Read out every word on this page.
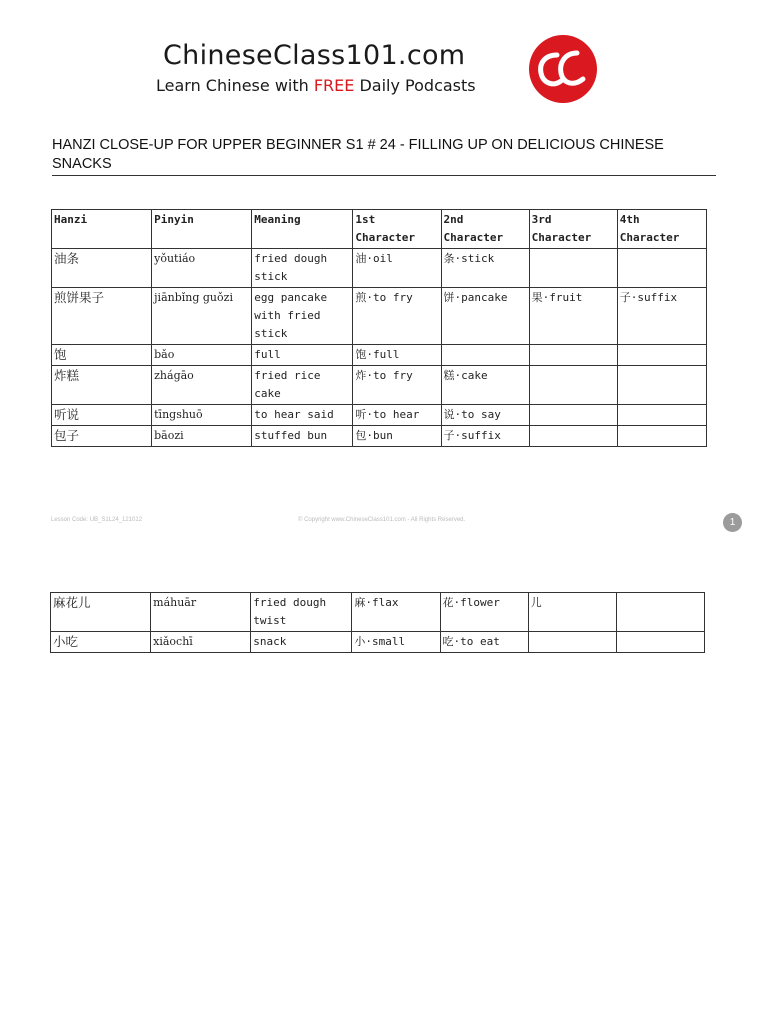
ChineseClass101.com
Learn Chinese with FREE Daily Podcasts
HANZI CLOSE-UP FOR UPPER BEGINNER S1 # 24 - FILLING UP ON DELICIOUS CHINESE SNACKS
Hanzi	Pinyin	Meaning	1st Character	2nd Character	3rd Character	4th Character
油条	yǒutiáo	fried dough stick	油·oil	条·stick		
煎饼果子	jiānbǐng guǒzi	egg pancake with fried stick	煎·to fry	饼·pancake	果·fruit	子·suffix
饱	bǎo	full	饱·full			
炸糕	zhágāo	fried rice cake	炸·to fry	糕·cake		
听说	tīngshuō	to hear said	听·to hear	说·to say		
包子	bāozi	stuffed bun	包·bun	子·suffix		
Lesson Code: UB_S1L24_121012	© Copyright www.ChineseClass101.com - All Rights Reserved.	1
麻花儿	máhuār	fried dough twist	麻·flax	花·flower	儿	
小吃	xiǎochī	snack	小·small	吃·to eat		
